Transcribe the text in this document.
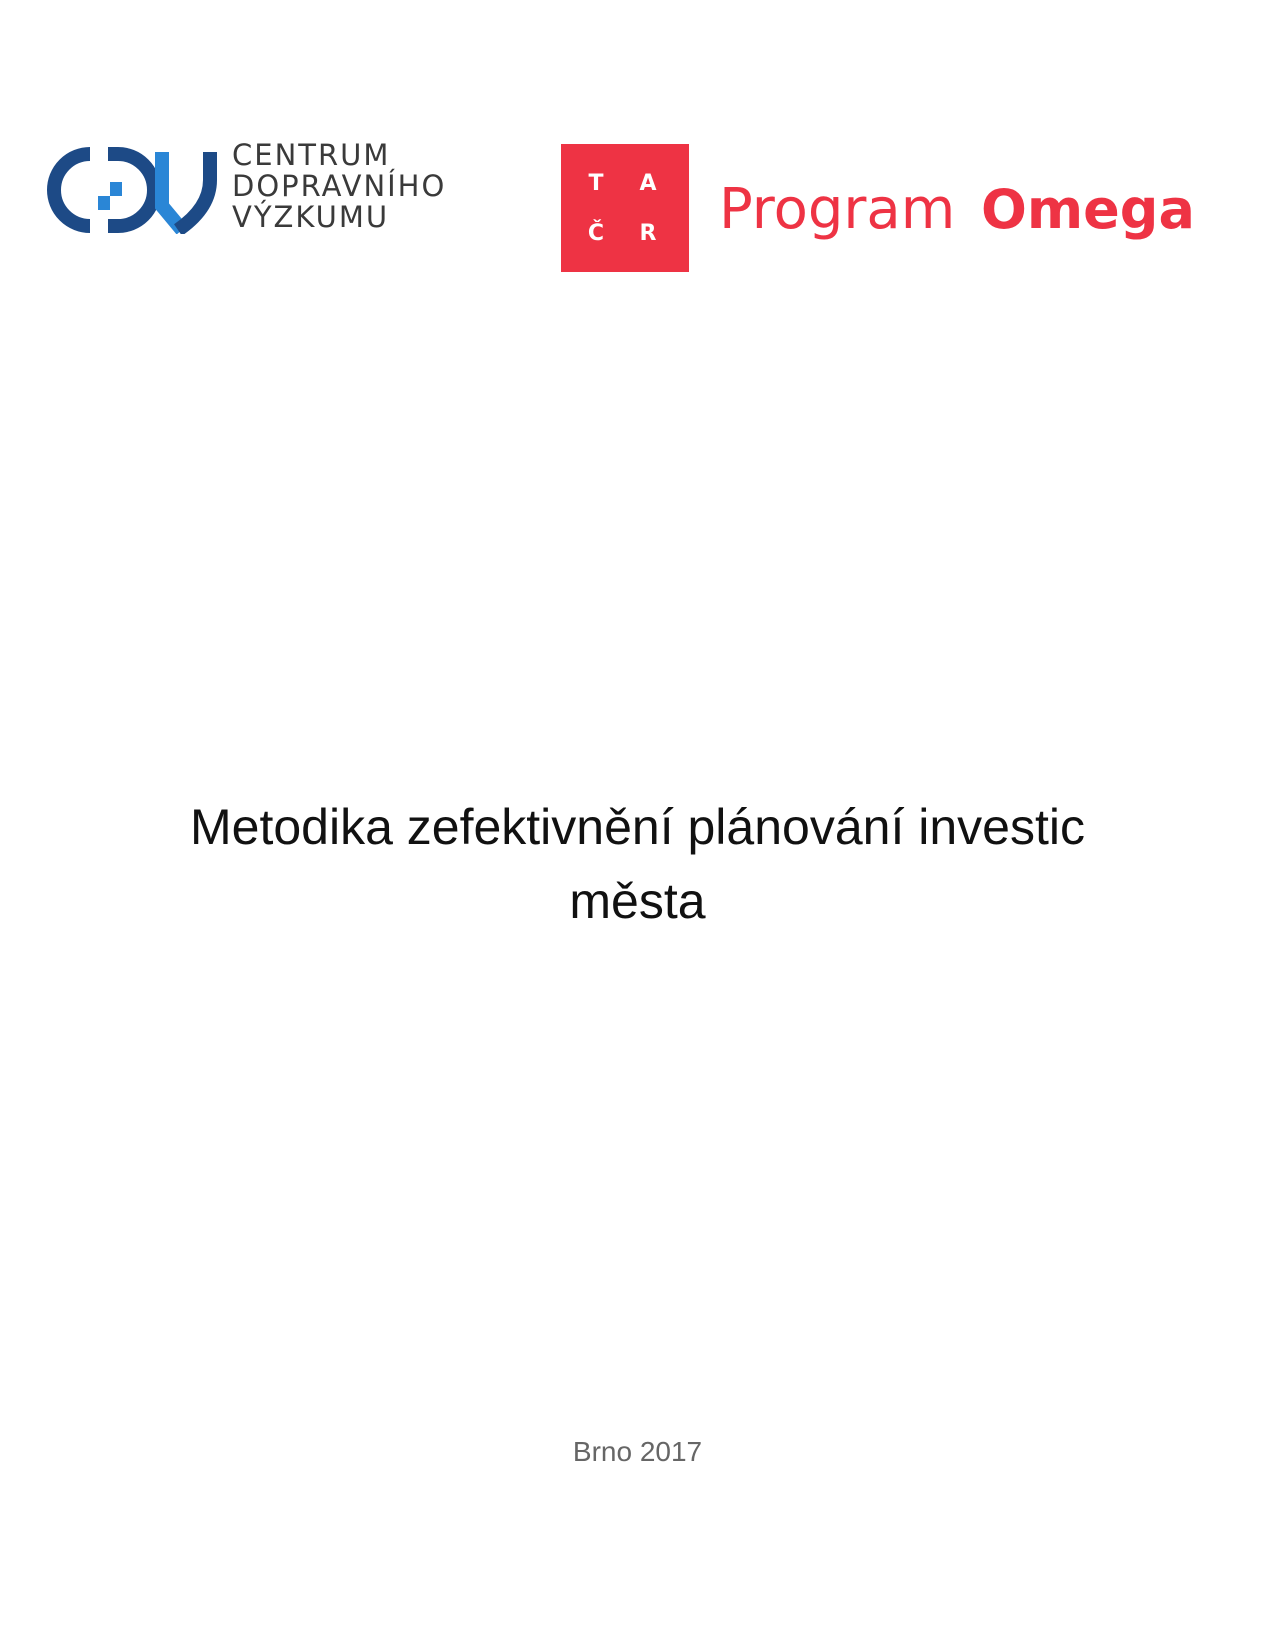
CENTRUM
DOPRAVNÍHO
VÝZKUMU
T	A
Č	R Program Omega
Metodika zefektivnění plánování investic
města
Brno 2017
